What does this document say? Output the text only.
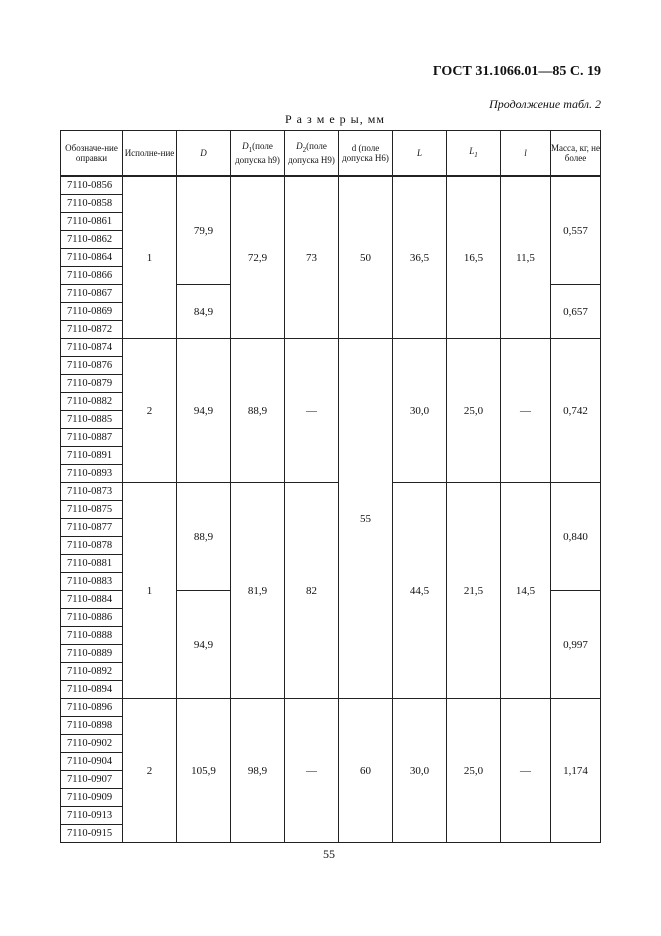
ГОСТ 31.1066.01—85 С. 19
Продолжение табл. 2
Р а з м е р ы, мм
Обозначе-ние оправки	Исполне-ние	D	$D_1(поле$ допуска h9)	$D_2(поле$ допуска H9)	d (поле допуска H6)	L	$L_1$	l	Масса, кг, не более

7110-0856	1	79,9	72,9	73	50	36,5	16,5	11,5	0,557
7110-0858									
7110-0861									
7110-0862									
7110-0864									
7110-0866									
7110-0867		84,9							0,657
7110-0869									
7110-0872									
7110-0874	2	94,9	88,9	—	55	30,0	25,0	—	0,742
7110-0876									
7110-0879									
7110-0882									
7110-0885									
7110-0887									
7110-0891									
7110-0893									
7110-0873	1	88,9	81,9	82		44,5	21,5	14,5	0,840
7110-0875									
7110-0877									
7110-0878									
7110-0881									
7110-0883									
7110-0884		94,9							0,997
7110-0886									
7110-0888									
7110-0889									
7110-0892									
7110-0894									
7110-0896	2	105,9	98,9	—	60	30,0	25,0	—	1,174
7110-0898									
7110-0902									
7110-0904									
7110-0907									
7110-0909									
7110-0913									
7110-0915									
55
